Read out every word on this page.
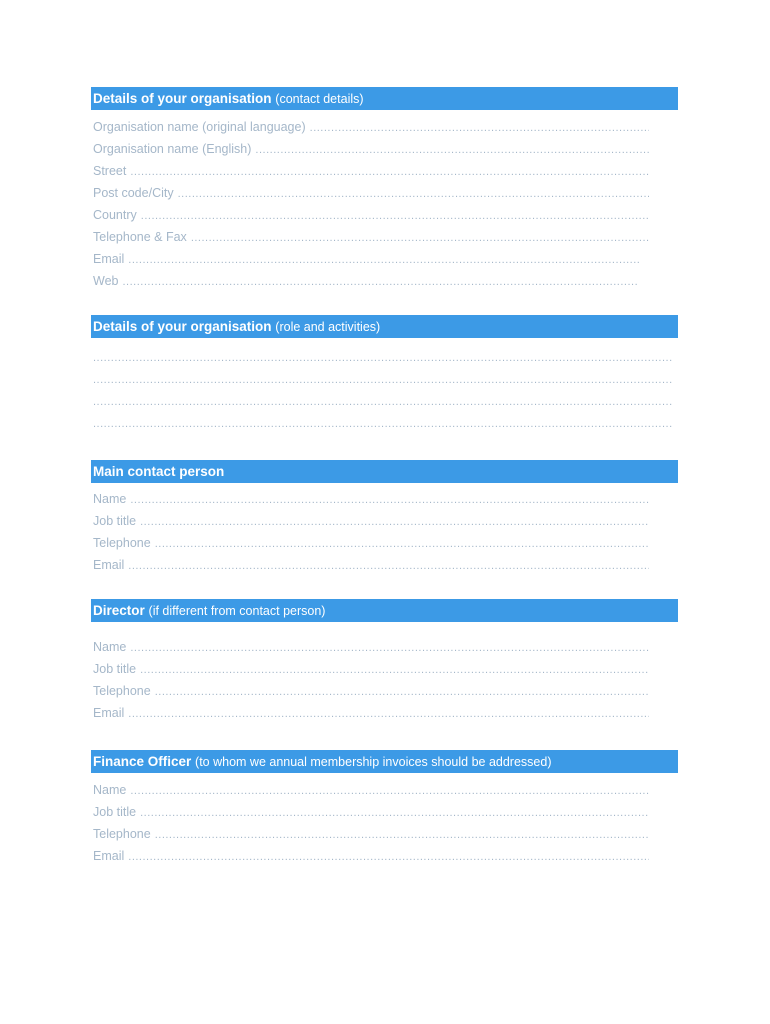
Details of your organisation (contact details)
Organisation name (original language)
.....
Organisation name (English)
.....
Street
.....
Post code/City
.....
Country
.....
Telephone & Fax
.....
Email
.....
Web
.....
Details of your organisation (role and activities)
.....
.....
.....
.....
Main contact person
Name
.....
Job title
.....
Telephone
.....
Email
.....
Director (if different from contact person)
Name
.....
Job title
.....
Telephone
.....
Email
.....
Finance Officer (to whom we annual membership invoices should be addressed)
Name
.....
Job title
.....
Telephone
.....
Email
.....
